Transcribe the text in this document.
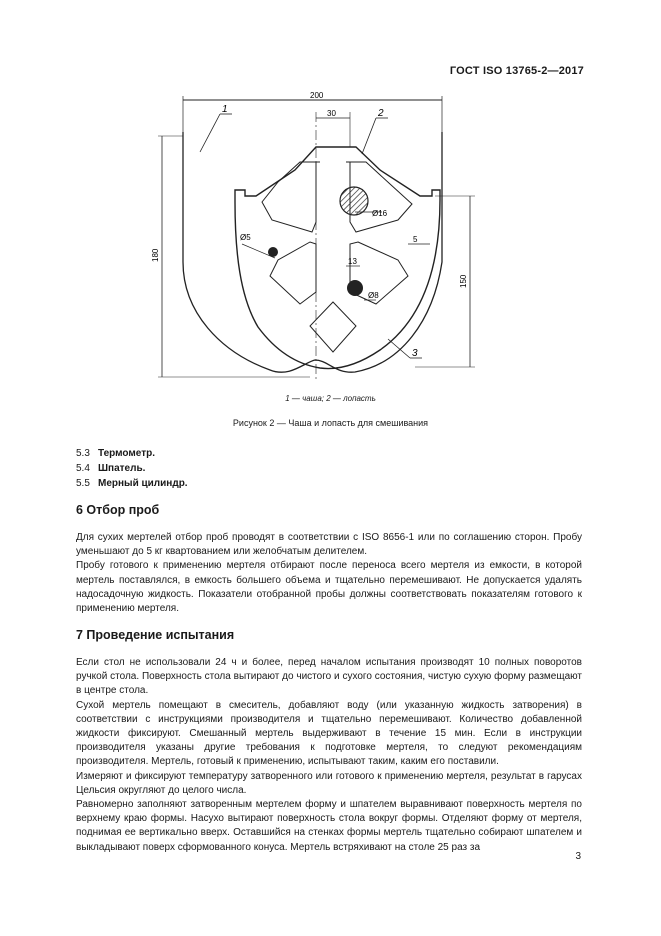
ГОСТ ISO 13765-2—2017
200
30
180
150
13
5
Ø16
Ø5
Ø8
1	2
3
1 — чаша; 2 — лопасть
Рисунок 2 — Чаша и лопасть для смешивания
5.3 Термометр.
5.4 Шпатель.
5.5 Мерный цилиндр.
6 Отбор проб

Для сухих мертелей отбор проб проводят в соответствии с ISO 8656-1 или по соглашению сторон. Пробу уменьшают до 5 кг квартованием или желобчатым делителем.

Пробу готового к применению мертеля отбирают после переноса всего мертеля из емкости, в которой мертель поставлялся, в емкость большего объема и тщательно перемешивают. Не допускается удалять надосадочную жидкость. Показатели отобранной пробы должны соответствовать показателям готового к применению мертеля.

7 Проведение испытания

Если стол не использовали 24 ч и более, перед началом испытания производят 10 полных поворотов ручкой стола. Поверхность стола вытирают до чистого и сухого состояния, чистую сухую форму размещают в центре стола.

Сухой мертель помещают в смеситель, добавляют воду (или указанную жидкость затворения) в соответствии с инструкциями производителя и тщательно перемешивают. Количество добавленной жидкости фиксируют. Смешанный мертель выдерживают в течение 15 мин. Если в инструкции производителя указаны другие требования к подготовке мертеля, то следуют рекомендациям производителя. Мертель, готовый к применению, испытывают таким, каким его поставили.

Измеряют и фиксируют температуру затворенного или готового к применению мертеля, результат в гарусах Цельсия округляют до целого числа.

Равномерно заполняют затворенным мертелем форму и шпателем выравнивают поверхность мертеля по верхнему краю формы. Насухо вытирают поверхность стола вокруг формы. Отделяют форму от мертеля, поднимая ее вертикально вверх. Оставшийся на стенках формы мертель тщательно собирают шпателем и выкладывают поверх сформованного конуса. Мертель встряхивают на столе 25 раз за

3
